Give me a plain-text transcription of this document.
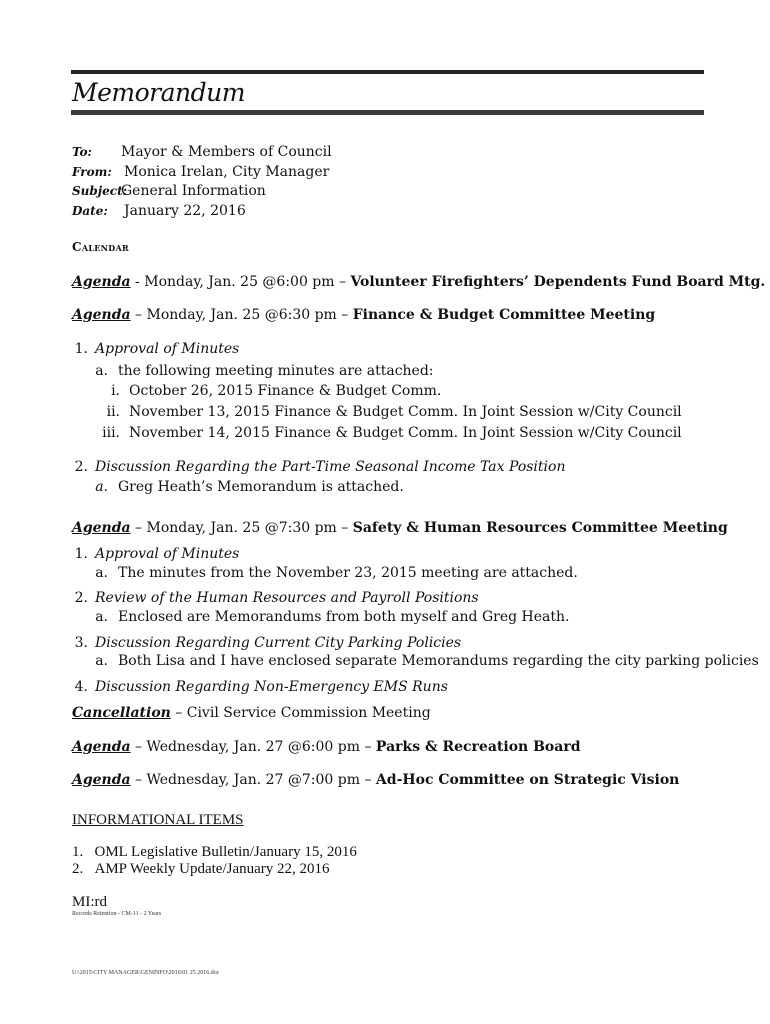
Memorandum
To: Mayor & Members of Council
From: Monica Irelan, City Manager
Subject:
General Information
Date: January 22, 2016
Calendar
Agenda - Monday, Jan. 25 @6:00 pm – Volunteer Firefighters’ Dependents Fund Board Mtg.
Agenda – Monday, Jan. 25 @6:30 pm – Finance & Budget Committee Meeting
1. Approval of Minutes
a. the following meeting minutes are attached:
i. October 26, 2015 Finance & Budget Comm.
ii. November 13, 2015 Finance & Budget Comm. In Joint Session w/City Council
iii. November 14, 2015 Finance & Budget Comm. In Joint Session w/City Council
2. Discussion Regarding the Part-Time Seasonal Income Tax Position
a. Greg Heath’s Memorandum is attached.
Agenda – Monday, Jan. 25 @7:30 pm – Safety & Human Resources Committee Meeting
1. Approval of Minutes
a. The minutes from the November 23, 2015 meeting are attached.
2. Review of the Human Resources and Payroll Positions
a. Enclosed are Memorandums from both myself and Greg Heath.
3. Discussion Regarding Current City Parking Policies
a. Both Lisa and I have enclosed separate Memorandums regarding the city parking policies
4. Discussion Regarding Non-Emergency EMS Runs
Cancellation – Civil Service Commission Meeting
Agenda – Wednesday, Jan. 27 @6:00 pm – Parks & Recreation Board
Agenda – Wednesday, Jan. 27 @7:00 pm – Ad-Hoc Committee on Strategic Vision
INFORMATIONAL ITEMS
1. OML Legislative Bulletin/January 15, 2016
2. AMP Weekly Update/January 22, 2016
MI:rd
Records Retention - CM-11 - 2 Years
U:\2015\CITY MANAGER\GENINFO\2016\01 25 2016.doc
